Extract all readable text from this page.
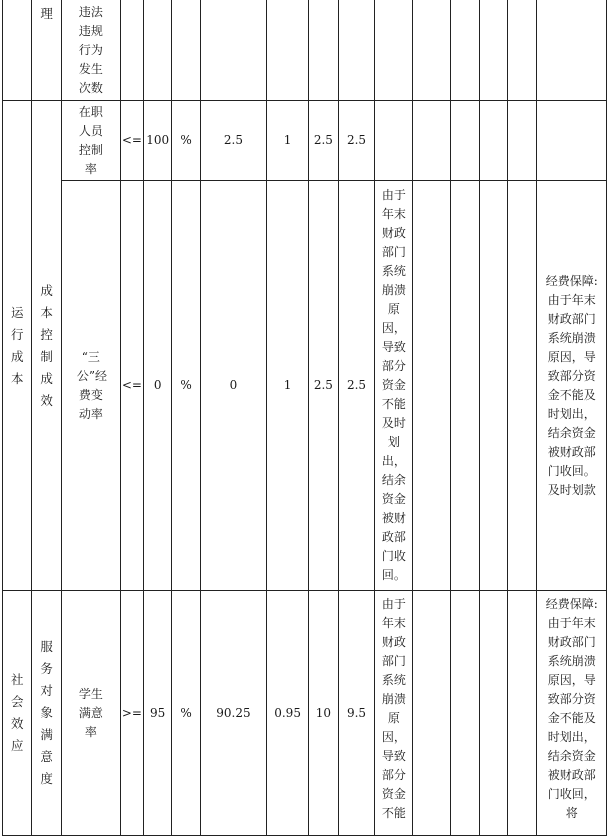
	理	违法违规行为发生次数													
运行成本	成本控制成效	在职人员控制率	<=	100	%	2.5	1	2.5	2.5						
		“三公”经费变动率	<=	0	%	0	1	2.5	2.5	由于年末财政部门系统崩溃原因，导致部分资金不能及时划出，结余资金被财政部门收回。					经费保障:由于年末财政部门系统崩溃原因，导致部分资金不能及时划出，结余资金被财政部门收回。及时划款
社会效应	服务对象满意度	学生满意率	>=	95	%	90.25	0.95	10	9.5	由于年末财政部门系统崩溃原因，导致部分资金不能					经费保障:由于年末财政部门系统崩溃原因，导致部分资金不能及时划出，结余资金被财政部门收回，将
